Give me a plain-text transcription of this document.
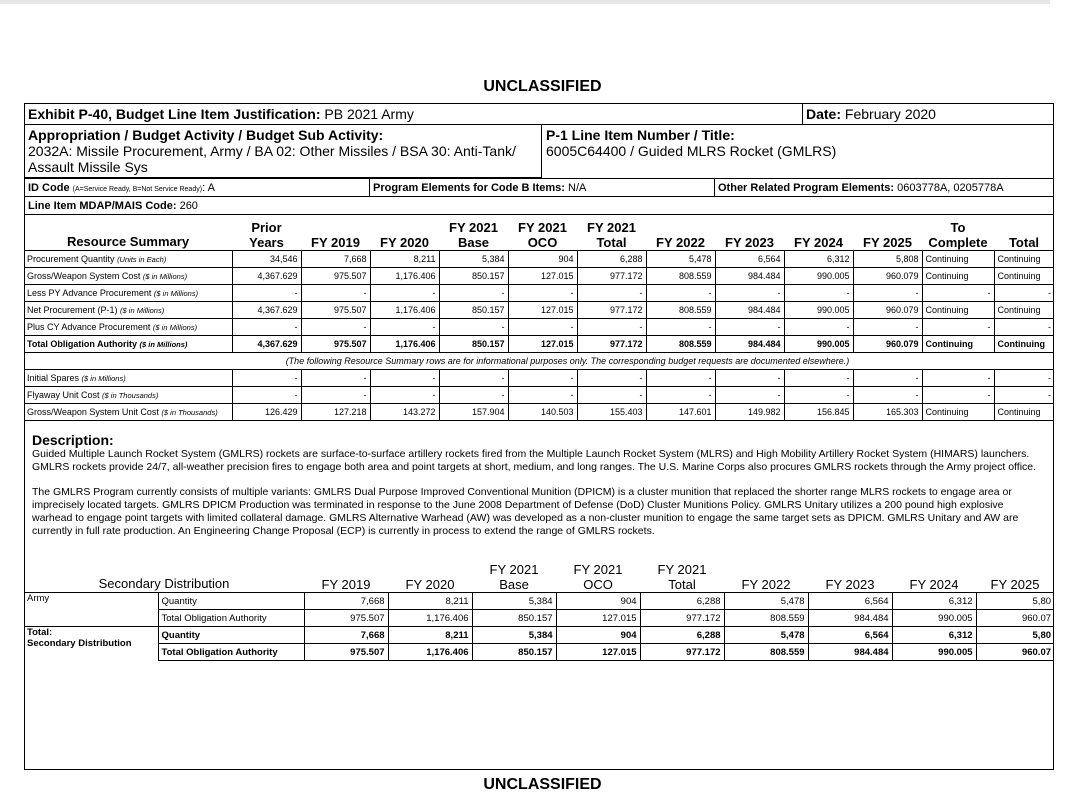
UNCLASSIFIED
Exhibit P-40, Budget Line Item Justification: PB 2021 Army	Date: February 2020
Appropriation / Budget Activity / Budget Sub Activity:
2032A: Missile Procurement, Army / BA 02: Other Missiles / BSA 30: Anti-Tank/
Assault Missile Sys
P-1 Line Item Number / Title:
6005C64400 / Guided MLRS Rocket (GMLRS)
ID Code (A=Service Ready, B=Not Service Ready): A	Program Elements for Code B Items: N/A	Other Related Program Elements: 0603778A, 0205778A
Line Item MDAP/MAIS Code: 260
Resource Summary	Prior Years	FY 2019	FY 2020	FY 2021 Base	FY 2021 OCO	FY 2021 Total	FY 2022	FY 2023	FY 2024	FY 2025	To Complete	Total
Procurement Quantity (Units in Each)	34,546	7,668	8,211	5,384	904	6,288	5,478	6,564	6,312	5,808	Continuing	Continuing
Gross/Weapon System Cost ($ in Millions)	4,367.629	975.507	1,176.406	850.157	127.015	977.172	808.559	984.484	990.005	960.079	Continuing	Continuing
Less PY Advance Procurement ($ in Millions)	-	-	-	-	-	-	-	-	-	-	-	-
Net Procurement (P-1) ($ in Millions)	4,367.629	975.507	1,176.406	850.157	127.015	977.172	808.559	984.484	990.005	960.079	Continuing	Continuing
Plus CY Advance Procurement ($ in Millions)	-	-	-	-	-	-	-	-	-	-	-	-
Total Obligation Authority ($ in Millions)	4,367.629	975.507	1,176.406	850.157	127.015	977.172	808.559	984.484	990.005	960.079	Continuing	Continuing
(The following Resource Summary rows are for informational purposes only. The corresponding budget requests are documented elsewhere.)												
Initial Spares ($ in Millions)	-	-	-	-	-	-	-	-	-	-	-	-
Flyaway Unit Cost ($ in Thousands)	-	-	-	-	-	-	-	-	-	-	-	-
Gross/Weapon System Unit Cost ($ in Thousands)	126.429	127.218	143.272	157.904	140.503	155.403	147.601	149.982	156.845	165.303	Continuing	Continuing
Description:
Guided Multiple Launch Rocket System (GMLRS) rockets are surface-to-surface artillery rockets fired from the Multiple Launch Rocket System (MLRS) and High Mobility Artillery Rocket System (HIMARS) launchers. GMLRS rockets provide 24/7, all-weather precision fires to engage both area and point targets at short, medium, and long ranges. The U.S. Marine Corps also procures GMLRS rockets through the Army project office.
The GMLRS Program currently consists of multiple variants: GMLRS Dual Purpose Improved Conventional Munition (DPICM) is a cluster munition that replaced the shorter range MLRS rockets to engage area or imprecisely located targets. GMLRS DPICM Production was terminated in response to the June 2008 Department of Defense (DoD) Cluster Munitions Policy. GMLRS Unitary utilizes a 200 pound high explosive warhead to engage point targets with limited collateral damage. GMLRS Alternative Warhead (AW) was developed as a non-cluster munition to engage the same target sets as DPICM. GMLRS Unitary and AW are currently in full rate production. An Engineering Change Proposal (ECP) is currently in process to extend the range of GMLRS rockets.
Secondary Distribution		FY 2019	FY 2020	FY 2021 Base	FY 2021 OCO	FY 2021 Total	FY 2022	FY 2023	FY 2024	FY 2025

Army	Quantity	7,668	8,211	5,384	904	6,288	5,478	6,564	6,312	5,80
	Total Obligation Authority	975.507	1,176.406	850.157	127.015	977.172	808.559	984.484	990.005	960.07

Total:
Secondary Distribution	Quantity	7,668	8,211	5,384	904	6,288	5,478	6,564	6,312	5,80
	Total Obligation Authority	975.507	1,176.406	850.157	127.015	977.172	808.559	984.484	990.005	960.07
UNCLASSIFIED
